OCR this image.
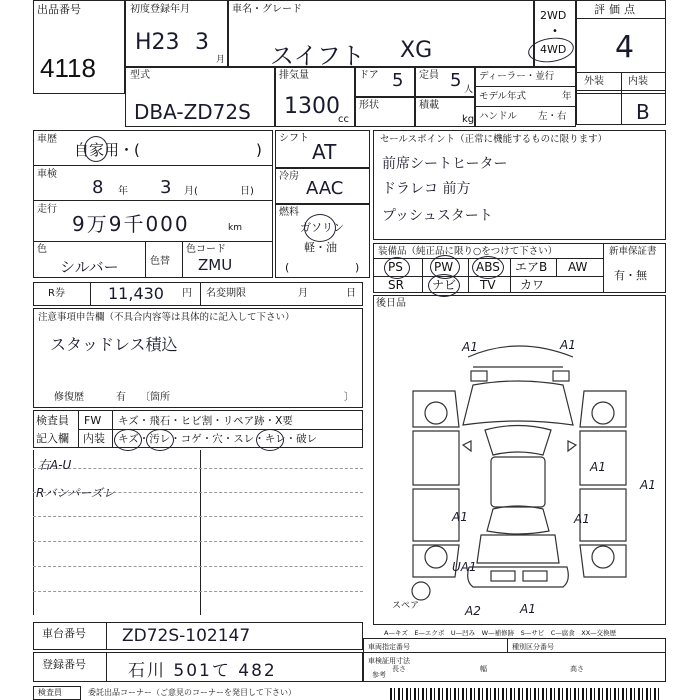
出品番号
4118
初度登録年月
H23 3
月
車名・グレード
スイフト XG
2WD
•
4WD
評価点
4
外装 内装
B
型式
DBA-ZD72S
排気量
1300
cc
ドア 5 定員 5 人
形状	積載
kg
ディーラー・並行
モデル年式	年
ハンドル 左・右
車歴
自家用・(	)
車検
8 年 3 月(	日)
走行
9万9千000	km
色
シルバー	色替
色コード
ZMU
シフト
AT
冷房
AAC
燃料
ガソリン
軽・油
(	)
セールスポイント（正常に機能するものに限ります）
前席シートヒーター
ドラレコ 前方
プッシュスタート
装備品（純正品に限り○をつけて下さい）	新車保証書
有・無
PS	PW ABS エアB AW
SR ナビ TV カワ
R券	11,430 円 名変期限	月	日
注意事項申告欄（不具合内容等は具体的に記入して下さい）
スタッドレス積込
修復歴	有 〔箇所	〕
検査員
記入欄
FW キズ・飛石・ヒビ割・リペア跡・X要
内装 キズ・汚レ・コゲ・穴・スレ・キレ・破レ
右A-U
Rバンパーズレ
後日品
A1	A1
A1
A1
A1	A1
UA1
A2	A1
スペア
A—キズ　E—エクボ　U—凹み　W—補修跡　S—サビ　C—腐食　XX—交換歴
車台番号 ZD72S-102147
登録番号 石川 501て 482
車両指定番号	種別区分番号
車検証用寸法
参考
長さ	幅	高さ
検査員	委託出品コーナー（ご意見のコーナーを発目して下さい）
